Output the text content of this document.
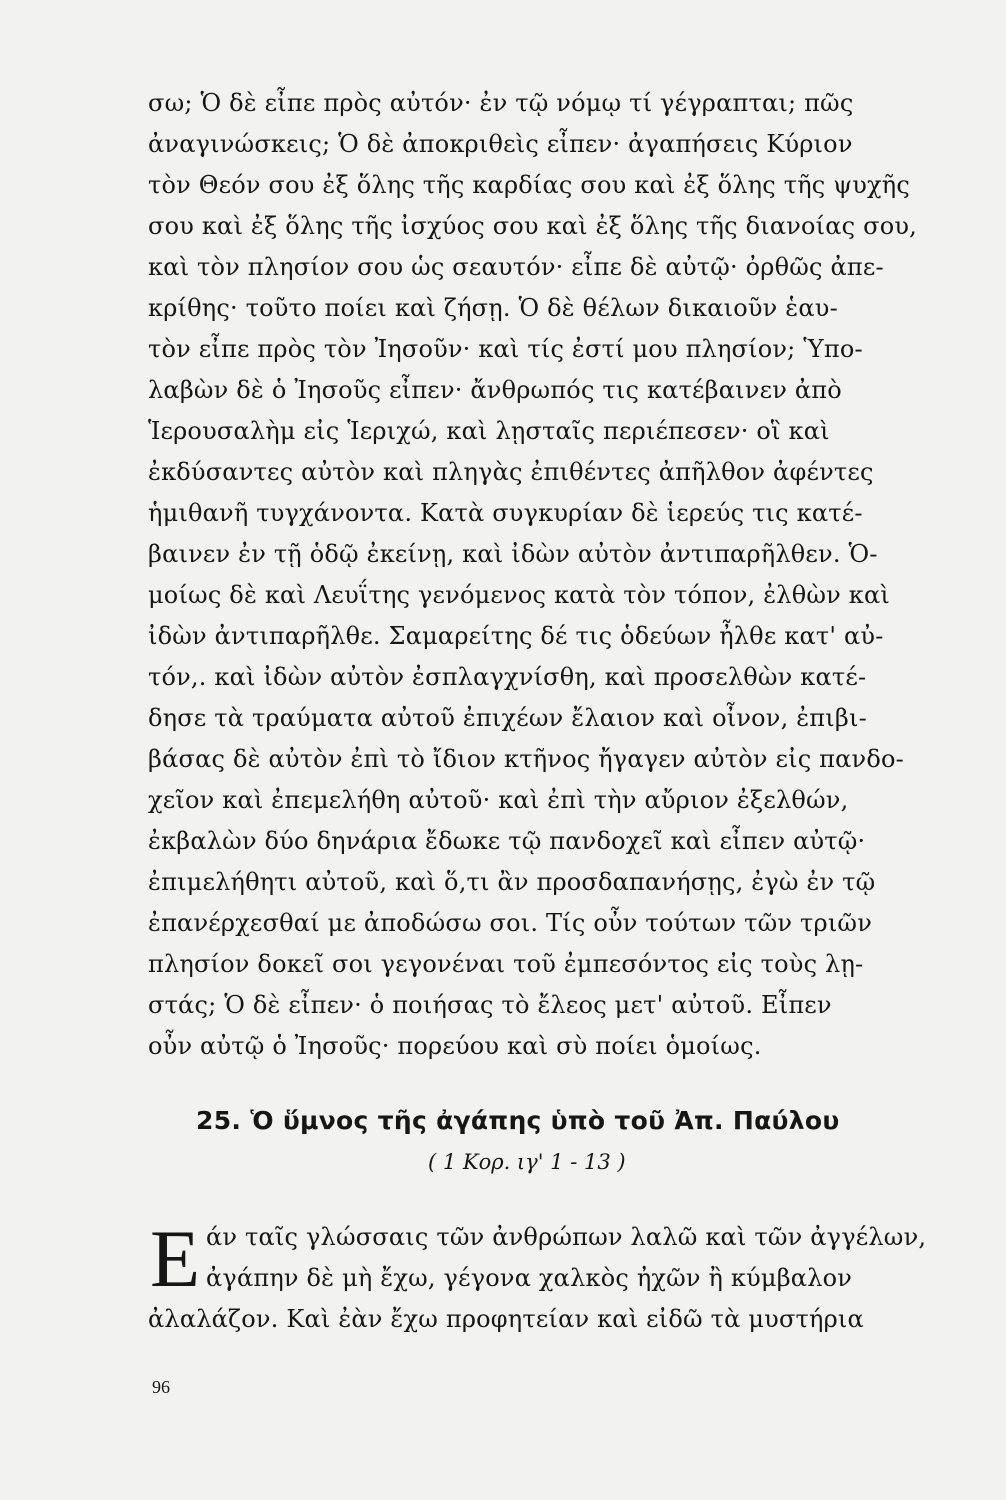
σω; Ὁ δὲ εἶπε πρὸς αὐτόν· ἐν τῷ νόμῳ τί γέγραπται; πῶς
ἀναγινώσκεις; Ὁ δὲ ἀποκριθεὶς εἶπεν· ἀγαπήσεις Κύριον
τὸν Θεόν σου ἐξ ὅλης τῆς καρδίας σου καὶ ἐξ ὅλης τῆς ψυχῆς
σου καὶ ἐξ ὅλης τῆς ἰσχύος σου καὶ ἐξ ὅλης τῆς διανοίας σου,
καὶ τὸν πλησίον σου ὡς σεαυτόν· εἶπε δὲ αὐτῷ· ὀρθῶς ἀπε-
κρίθης· τοῦτο ποίει καὶ ζήσῃ. Ὁ δὲ θέλων δικαιοῦν ἑαυ-
τὸν εἶπε πρὸς τὸν Ἰησοῦν· καὶ τίς ἐστί μου πλησίον; Ὑπο-
λαβὼν δὲ ὁ Ἰησοῦς εἶπεν· ἄνθρωπός τις κατέβαινεν ἀπὸ
Ἱερουσαλὴμ εἰς Ἱεριχώ, καὶ λῃσταῖς περιέπεσεν· οἳ καὶ
ἐκδύσαντες αὐτὸν καὶ πληγὰς ἐπιθέντες ἀπῆλθον ἀφέντες
ἡμιθανῆ τυγχάνοντα. Κατὰ συγκυρίαν δὲ ἱερεύς τις κατέ-
βαινεν ἐν τῇ ὁδῷ ἐκείνῃ, καὶ ἰδὼν αὐτὸν ἀντιπαρῆλθεν. Ὁ-
μοίως δὲ καὶ Λευΐτης γενόμενος κατὰ τὸν τόπον, ἐλθὼν καὶ
ἰδὼν ἀντιπαρῆλθε. Σαμαρείτης δέ τις ὁδεύων ἦλθε κατ' αὐ-
τόν,. καὶ ἰδὼν αὐτὸν ἐσπλαγχνίσθη, καὶ προσελθὼν κατέ-
δησε τὰ τραύματα αὐτοῦ ἐπιχέων ἔλαιον καὶ οἶνον, ἐπιβι-
βάσας δὲ αὐτὸν ἐπὶ τὸ ἴδιον κτῆνος ἤγαγεν αὐτὸν εἰς πανδο-
χεῖον καὶ ἐπεμελήθη αὐτοῦ· καὶ ἐπὶ τὴν αὔριον ἐξελθών,
ἐκβαλὼν δύο δηνάρια ἔδωκε τῷ πανδοχεῖ καὶ εἶπεν αὐτῷ·
ἐπιμελήθητι αὐτοῦ, καὶ ὅ,τι ἂν προσδαπανήσῃς, ἐγὼ ἐν τῷ
ἐπανέρχεσθαί με ἀποδώσω σοι. Τίς οὖν τούτων τῶν τριῶν
πλησίον δοκεῖ σοι γεγονέναι τοῦ ἐμπεσόντος εἰς τοὺς λῃ-
στάς; Ὁ δὲ εἶπεν· ὁ ποιήσας τὸ ἔλεος μετ' αὐτοῦ. Εἶπεν
οὖν αὐτῷ ὁ Ἰησοῦς· πορεύου καὶ σὺ ποίει ὁμοίως.
25. Ὁ ὕμνος τῆς ἀγάπης ὑπὸ τοῦ Ἀπ. Παύλου
( 1 Κορ. ιγ' 1 - 13 )
Ε άν ταῖς γλώσσαις τῶν ἀνθρώπων λαλῶ καὶ τῶν ἀγγέλων,
ἀγάπην δὲ μὴ ἔχω, γέγονα χαλκὸς ἠχῶν ἢ κύμβαλον
ἀλαλάζον. Καὶ ἐὰν ἔχω προφητείαν καὶ εἰδῶ τὰ μυστήρια
96
